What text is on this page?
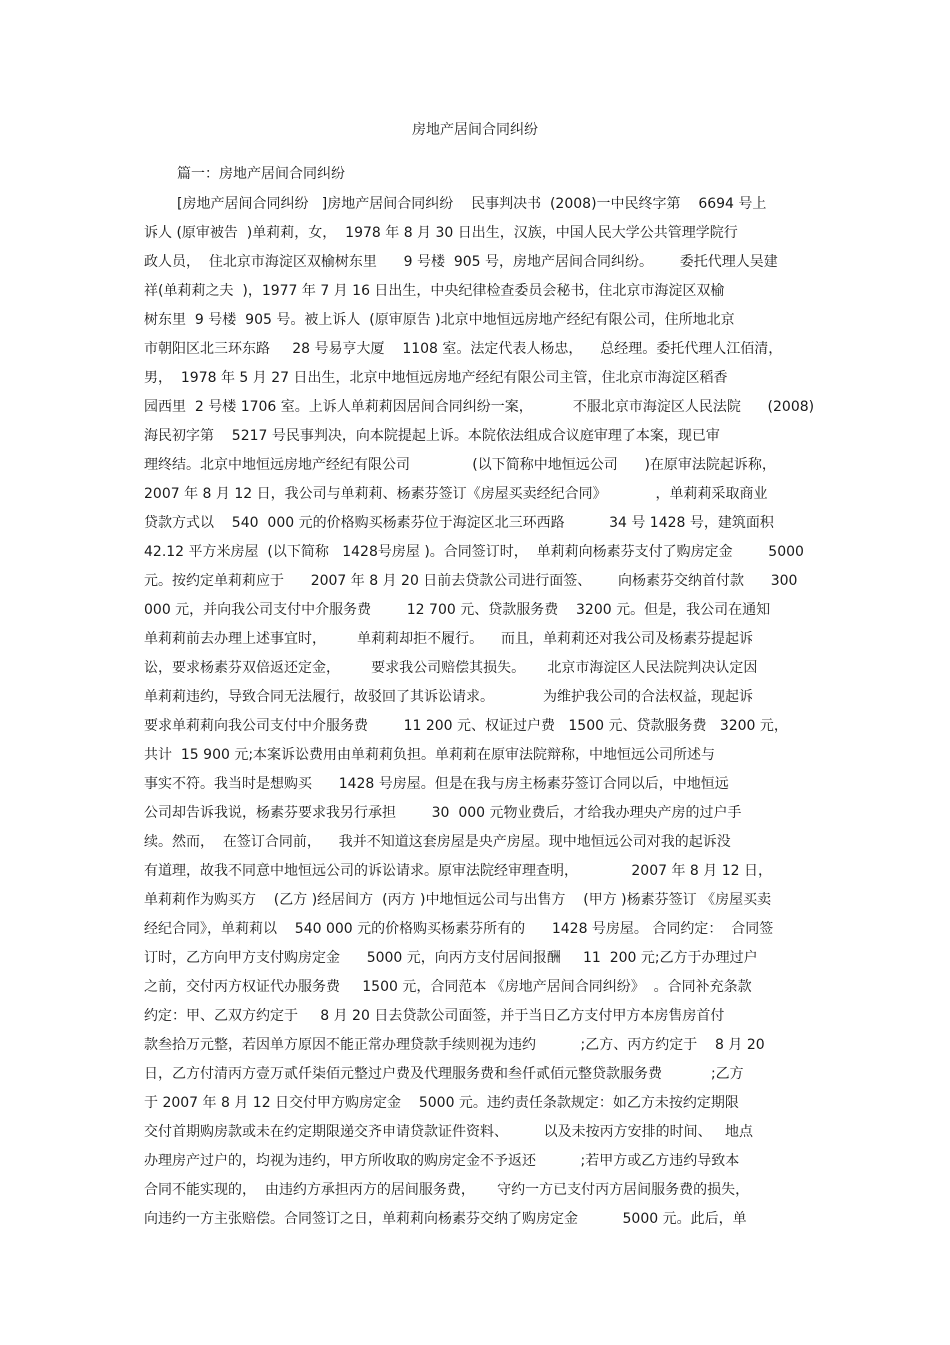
房地产居间合同纠纷
篇一：房地产居间合同纠纷
[房地产居间合同纠纷   ]房地产居间合同纠纷    民事判决书  (2008)一中民终字第    6694 号上
诉人 (原审被告  )单莉莉，女，  1978 年 8 月 30 日出生，汉族，中国人民大学公共管理学院行
政人员，  住北京市海淀区双榆树东里      9 号楼  905 号，房地产居间合同纠纷。      委托代理人吴建
祥(单莉莉之夫  )，1977 年 7 月 16 日出生，中央纪律检查委员会秘书，住北京市海淀区双榆
树东里  9 号楼  905 号。被上诉人  (原审原告 )北京中地恒远房地产经纪有限公司，住所地北京
市朝阳区北三环东路     28 号易亨大厦    1108 室。法定代表人杨忠，    总经理。委托代理人江佰清，
男，  1978 年 5 月 27 日出生，北京中地恒远房地产经纪有限公司主管，住北京市海淀区稻香
园西里  2 号楼 1706 室。上诉人单莉莉因居间合同纠纷一案，         不服北京市海淀区人民法院      (2008)
海民初字第    5217 号民事判决，向本院提起上诉。本院依法组成合议庭审理了本案，现已审
理终结。北京中地恒远房地产经纪有限公司              (以下简称中地恒远公司      )在原审法院起诉称，
2007 年 8 月 12 日，我公司与单莉莉、杨素芬签订《房屋买卖经纪合同》           ，单莉莉采取商业
贷款方式以    540  000 元的价格购买杨素芬位于海淀区北三环西路          34 号 1428 号，建筑面积
42.12 平方米房屋  (以下简称   1428号房屋 )。合同签订时，  单莉莉向杨素芬支付了购房定金        5000
元。按约定单莉莉应于      2007 年 8 月 20 日前去贷款公司进行面签、      向杨素芬交纳首付款      300
000 元，并向我公司支付中介服务费        12 700 元、贷款服务费    3200 元。但是，我公司在通知
单莉莉前去办理上述事宜时，       单莉莉却拒不履行。    而且，单莉莉还对我公司及杨素芬提起诉
讼，要求杨素芬双倍返还定金，       要求我公司赔偿其损失。     北京市海淀区人民法院判决认定因
单莉莉违约，导致合同无法履行，故驳回了其诉讼请求。           为维护我公司的合法权益，现起诉
要求单莉莉向我公司支付中介服务费        11 200 元、权证过户费   1500 元、贷款服务费   3200 元，
共计  15 900 元;本案诉讼费用由单莉莉负担。单莉莉在原审法院辩称，中地恒远公司所述与
事实不符。我当时是想购买      1428 号房屋。但是在我与房主杨素芬签订合同以后，中地恒远
公司却告诉我说，杨素芬要求我另行承担        30  000 元物业费后，才给我办理央产房的过户手
续。然而，  在签订合同前，    我并不知道这套房屋是央产房屋。现中地恒远公司对我的起诉没
有道理，故我不同意中地恒远公司的诉讼请求。原审法院经审理查明，            2007 年 8 月 12 日，
单莉莉作为购买方    (乙方 )经居间方  (丙方 )中地恒远公司与出售方    (甲方 )杨素芬签订 《房屋买卖
经纪合同》，单莉莉以    540 000 元的价格购买杨素芬所有的      1428 号房屋。 合同约定：  合同签
订时，乙方向甲方支付购房定金      5000 元，向丙方支付居间报酬     11  200 元;乙方于办理过户
之前，交付丙方权证代办服务费     1500 元，合同范本 《房地产居间合同纠纷》  。合同补充条款
约定：甲、乙双方约定于     8 月 20 日去贷款公司面签，并于当日乙方支付甲方本房售房首付
款叁拾万元整，若因单方原因不能正常办理贷款手续则视为违约          ;乙方、丙方约定于    8 月 20
日，乙方付清丙方壹万贰仟柒佰元整过户费及代理服务费和叁仟贰佰元整贷款服务费           ;乙方
于 2007 年 8 月 12 日交付甲方购房定金    5000 元。违约责任条款规定：如乙方未按约定期限
交付首期购房款或未在约定期限递交齐申请贷款证件资料、        以及未按丙方安排的时间、   地点
办理房产过户的，均视为违约，甲方所收取的购房定金不予返还          ;若甲方或乙方违约导致本
合同不能实现的，  由违约方承担丙方的居间服务费，     守约一方已支付丙方居间服务费的损失，
向违约一方主张赔偿。合同签订之日，单莉莉向杨素芬交纳了购房定金          5000 元。此后，单
